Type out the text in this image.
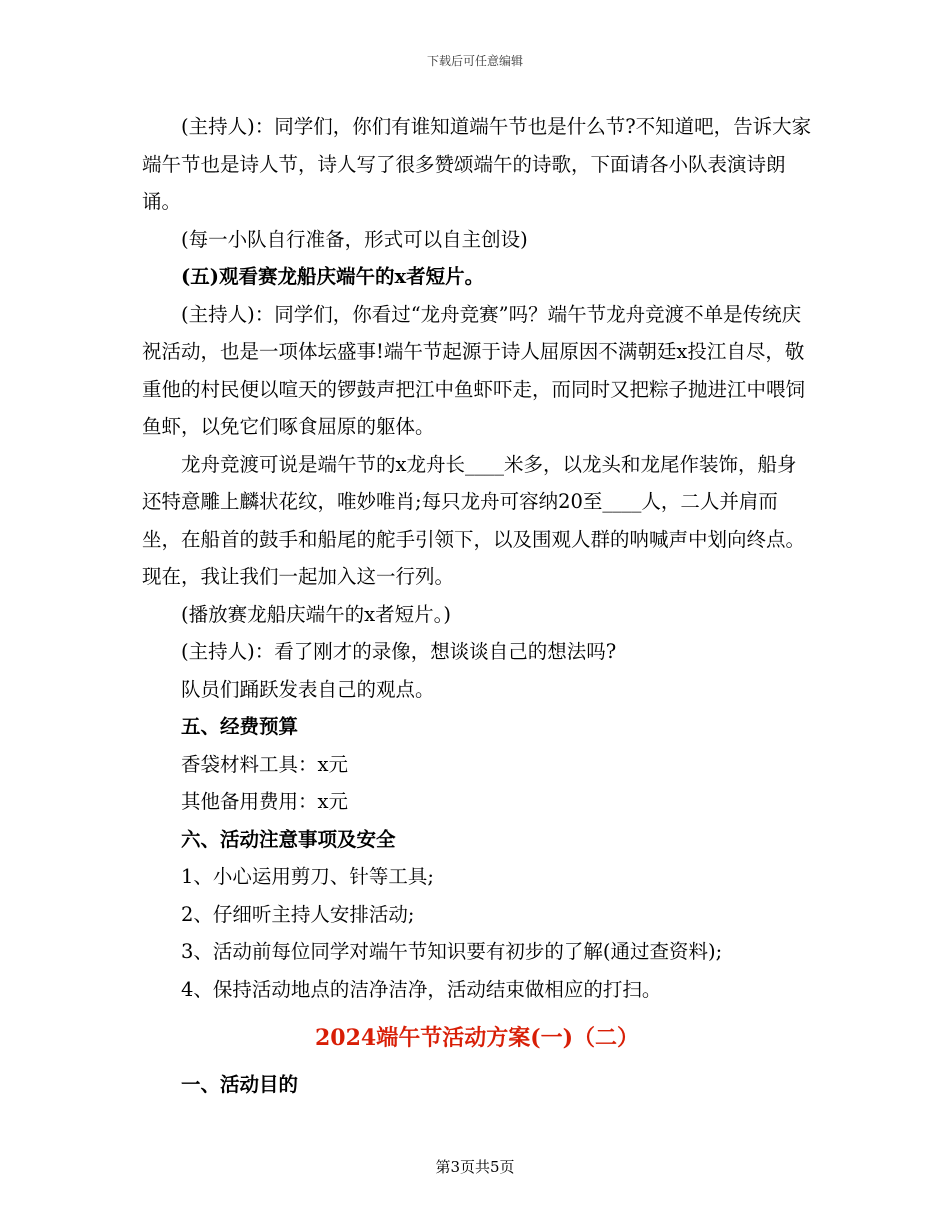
下载后可任意编辑

(主持人)：同学们，你们有谁知道端午节也是什么节?不知道吧，告诉大家端午节也是诗人节，诗人写了很多赞颂端午的诗歌，下面请各小队表演诗朗诵。

(每一小队自行准备，形式可以自主创设)

(五)观看赛龙船庆端午的x者短片。

(主持人)：同学们，你看过“龙舟竞赛”吗？端午节龙舟竞渡不单是传统庆祝活动，也是一项体坛盛事!端午节起源于诗人屈原因不满朝廷x投江自尽，敬重他的村民便以喧天的锣鼓声把江中鱼虾吓走，而同时又把粽子抛进江中喂饲鱼虾，以免它们啄食屈原的躯体。

龙舟竞渡可说是端午节的x龙舟长____米多，以龙头和龙尾作装饰，船身还特意雕上麟状花纹，唯妙唯肖;每只龙舟可容纳20至____人，二人并肩而坐，在船首的鼓手和船尾的舵手引领下，以及围观人群的呐喊声中划向终点。现在，我让我们一起加入这一行列。

(播放赛龙船庆端午的x者短片。)

(主持人)：看了刚才的录像，想谈谈自己的想法吗?

队员们踊跃发表自己的观点。

五、经费预算

香袋材料工具：x元

其他备用费用：x元

六、活动注意事项及安全

1、小心运用剪刀、针等工具;

2、仔细听主持人安排活动;

3、活动前每位同学对端午节知识要有初步的了解(通过查资料);

4、保持活动地点的洁净洁净，活动结束做相应的打扫。

2024端午节活动方案(一)（二）

一、活动目的

第3页共5页
